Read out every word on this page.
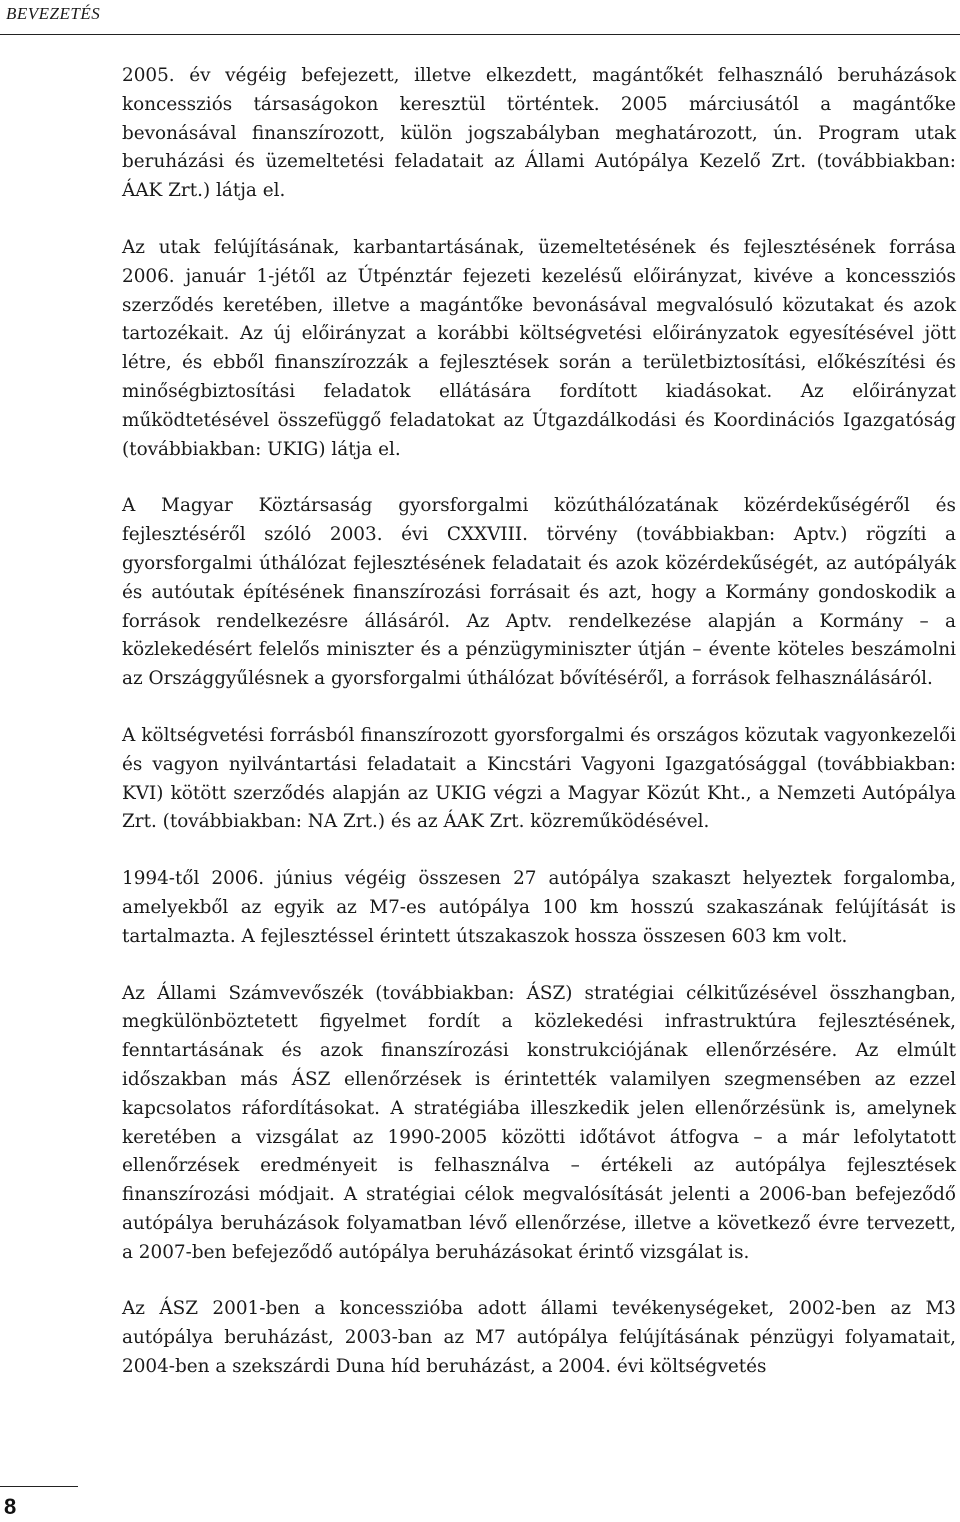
BEVEZETÉS

2005. év végéig befejezett, illetve elkezdett, magántőkét felhasználó beruházások koncessziós társaságokon keresztül történtek. 2005 márciusától a magántőke bevonásával finanszírozott, külön jogszabályban meghatározott, ún. Program utak beruházási és üzemeltetési feladatait az Állami Autópálya Kezelő Zrt. (továbbiakban: ÁAK Zrt.) látja el.

Az utak felújításának, karbantartásának, üzemeltetésének és fejlesztésének forrása 2006. január 1-jétől az Útpénztár fejezeti kezelésű előirányzat, kivéve a koncessziós szerződés keretében, illetve a magántőke bevonásával megvalósuló közutakat és azok tartozékait. Az új előirányzat a korábbi költségvetési előirányzatok egyesítésével jött létre, és ebből finanszírozzák a fejlesztések során a területbiztosítási, előkészítési és minőségbiztosítási feladatok ellátására fordított kiadásokat. Az előirányzat működtetésével összefüggő feladatokat az Útgazdálkodási és Koordinációs Igazgatóság (továbbiakban: UKIG) látja el.

A Magyar Köztársaság gyorsforgalmi közúthálózatának közérdekűségéről és fejlesztéséről szóló 2003. évi CXXVIII. törvény (továbbiakban: Aptv.) rögzíti a gyorsforgalmi úthálózat fejlesztésének feladatait és azok közérdekűségét, az autópályák és autóutak építésének finanszírozási forrásait és azt, hogy a Kormány gondoskodik a források rendelkezésre állásáról. Az Aptv. rendelkezése alapján a Kormány – a közlekedésért felelős miniszter és a pénzügyminiszter útján – évente köteles beszámolni az Országgyűlésnek a gyorsforgalmi úthálózat bővítéséről, a források felhasználásáról.

A költségvetési forrásból finanszírozott gyorsforgalmi és országos közutak vagyonkezelői és vagyon nyilvántartási feladatait a Kincstári Vagyoni Igazgatósággal (továbbiakban: KVI) kötött szerződés alapján az UKIG végzi a Magyar Közút Kht., a Nemzeti Autópálya Zrt. (továbbiakban: NA Zrt.) és az ÁAK Zrt. közreműködésével.

1994-től 2006. június végéig összesen 27 autópálya szakaszt helyeztek forgalomba, amelyekből az egyik az M7-es autópálya 100 km hosszú szakaszának felújítását is tartalmazta. A fejlesztéssel érintett útszakaszok hossza összesen 603 km volt.

Az Állami Számvevőszék (továbbiakban: ÁSZ) stratégiai célkitűzésével összhangban, megkülönböztetett figyelmet fordít a közlekedési infrastruktúra fejlesztésének, fenntartásának és azok finanszírozási konstrukciójának ellenőrzésére. Az elmúlt időszakban más ÁSZ ellenőrzések is érintették valamilyen szegmensében az ezzel kapcsolatos ráfordításokat. A stratégiába illeszkedik jelen ellenőrzésünk is, amelynek keretében a vizsgálat az 1990-2005 közötti időtávot átfogva – a már lefolytatott ellenőrzések eredményeit is felhasználva – értékeli az autópálya fejlesztések finanszírozási módjait. A stratégiai célok megvalósítását jelenti a 2006-ban befejeződő autópálya beruházások folyamatban lévő ellenőrzése, illetve a következő évre tervezett, a 2007-ben befejeződő autópálya beruházásokat érintő vizsgálat is.

Az ÁSZ 2001-ben a koncesszióba adott állami tevékenységeket, 2002-ben az M3 autópálya beruházást, 2003-ban az M7 autópálya felújításának pénzügyi folyamatait, 2004-ben a szekszárdi Duna híd beruházást, a 2004. évi költségvetés

8
